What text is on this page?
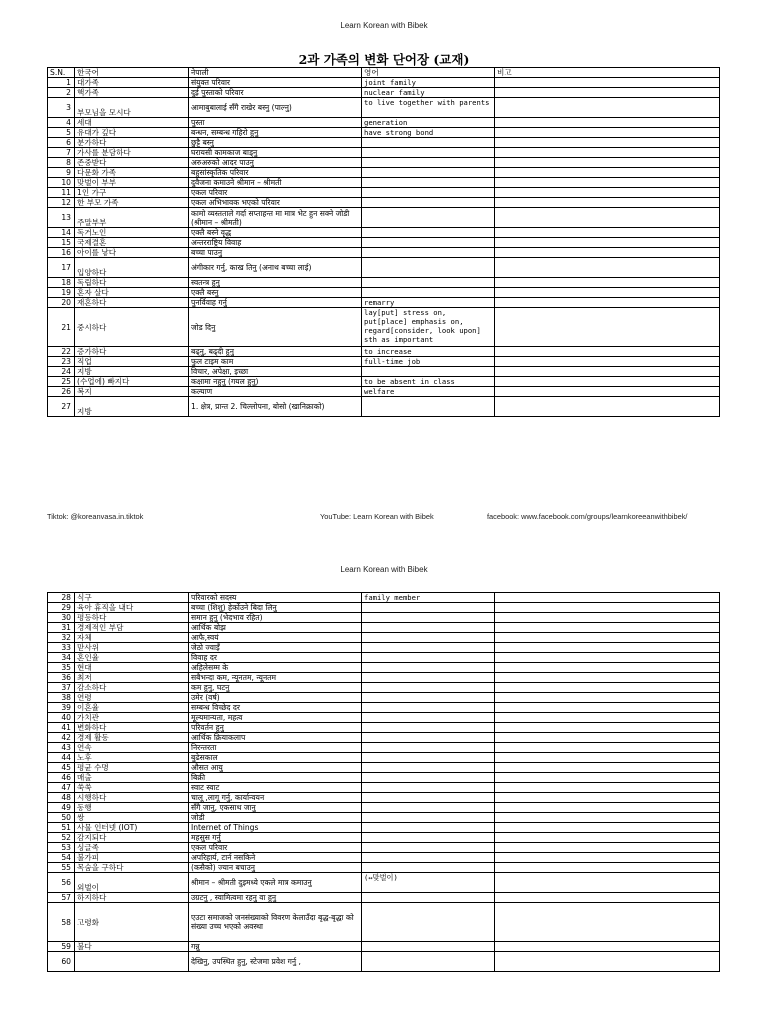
Learn Korean with Bibek
2과 가족의 변화 단어장 (교재)
S.N.	한국어	नेपाली	영어	비고
1	대가족	संयुक्त परिवार	joint family	
2	핵가족	दुई पुस्ताको परिवार	nuclear family	
3	부모님을 모시다	आमाबुबालाई सँगै राखेर बस्नु (पाल्नु)	to live together with parents	
4	세대	पुस्ता	generation	
5	유대가 깊다	बन्धन, सम्बन्ध गहिरो हुनु	have strong bond	
6	분가하다	छुट्टै बस्नु		
7	가사를 분담하다	घरायसी कामकाज बाड्नु		
8	존중받다	अरुअरुको आदर पाउनु		
9	다문화 가족	बहुसांस्कृतिक परिवार		
10	맞벌이 부부	दुवैजना कमाउने श्रीमान – श्रीमती		
11	1인 가구	एकल परिवार		
12	한 부모 가족	एकल अभिभावक भएको परिवार		
13	주말부부	कामो व्यस्तताले गर्दा सप्ताहन्त मा मात्र भेट हुन सक्ने जोडी (श्रीमान – श्रीमती)		
14	독거노인	एक्लै बस्ने वृद्ध		
15	국제결혼	अन्तरराष्ट्रिय विवाह		
16	아이를 낳다	बच्चा पाउनु		
17	입양하다	अंगीकार गर्नु, काख तिनु (अनाथ बच्चा लाई)		
18	독립하다	स्वतन्त्र हुनु		
19	혼자 살다	एक्लै बस्नु		
20	재혼하다	पुनर्विवाह गर्नु	remarry	
21	중시하다	जोड दिनु	lay[put] stress on, put[place] emphasis on, regard[consider, look upon] sth as important	
22	증가하다	बढ्नु, बढ्दी हुनु	to increase	
23	직업	फुल टाइम काम	full-time job	
24	지방	विचार, अपेक्षा, इच्छा		
25	(수업에) 빠지다	कक्षामा नहुनु (गयल हुनु)	to be absent in class	
26	복지	कल्याण	welfare	
27	지방	1. क्षेत्र, प्रान्त 2. चिल्लोपना, बोसो (खानिक्राको)		
Tiktok: @koreanvasa.in.tiktok	YouTube: Learn Korean with Bibek	facebook: www.facebook.com/groups/learnkoreeanwithbibek/
Learn Korean with Bibek
28	식구	परिवारको सदस्य	family member	
29	육아 휴직을 내다	बच्चा (शिशु) हेर्कोउने बिदा लिनु		
30	평등하다	समान हुनु (भेदभाव रहित)		
31	경제적인 부담	आर्थिक बोझ		
32	자체	आफै,स्वयं		
33	맏사위	जेठो ज्वाइँ		
34	혼인율	विवाह दर		
35	현대	अहिलेसम्म के		
36	최저	सबैभन्दा कम, न्यूनतम, न्यूनतम		
37	감소하다	कम हुनु, घटनु		
38	연령	उमेर (वर्ष)		
39	이혼율	सम्बन्ध विच्छेद दर		
40	가치관	मूल्यमान्यता, महत्व		
41	변화하다	परिवर्तन हुनु		
42	경제 활동	आर्थिक क्रियाकलाप		
43	연속	निरन्तरता		
44	노후	बुढेसकाल		
45	평균 수명	औसत आयु		
46	매출	बिक्री		
47	쑥쑥	स्वाट स्वाट		
48	시행하다	चालू ,लागू गर्नु, कार्यान्वयन		
49	동행	सँगै जानु, एकसाथ जानु		
50	쌍	जोडी		
51	사물 인터넷 (IOT)	Internet of Things		
52	감지되다	महसुस गर्नु		
53	싱글족	एकल परिवार		
54	불가피	अपरिहार्य, टार्न नसकिने		
55	목숨을 구하다	(कसैको) ज्यान बचाउनु		
56	외벌이	श्रीमान – श्रीमती दुइमध्ये एकले मात्र कमाउनु	(↔맞벌이)	
57	하지하다	उग्रटनु , स्वामित्वमा रहनु वा हुनु		
58	고령화	एउटा समाजको जनसंख्याको विवरण केलाउँदा बृद्ध-बृद्धा को संख्या उच्च भएको अवस्था		
59	불다	गन्नु		
60		देखिनु, उपस्थित हुनु, स्टेजमा प्रवेश गर्नु ,		
